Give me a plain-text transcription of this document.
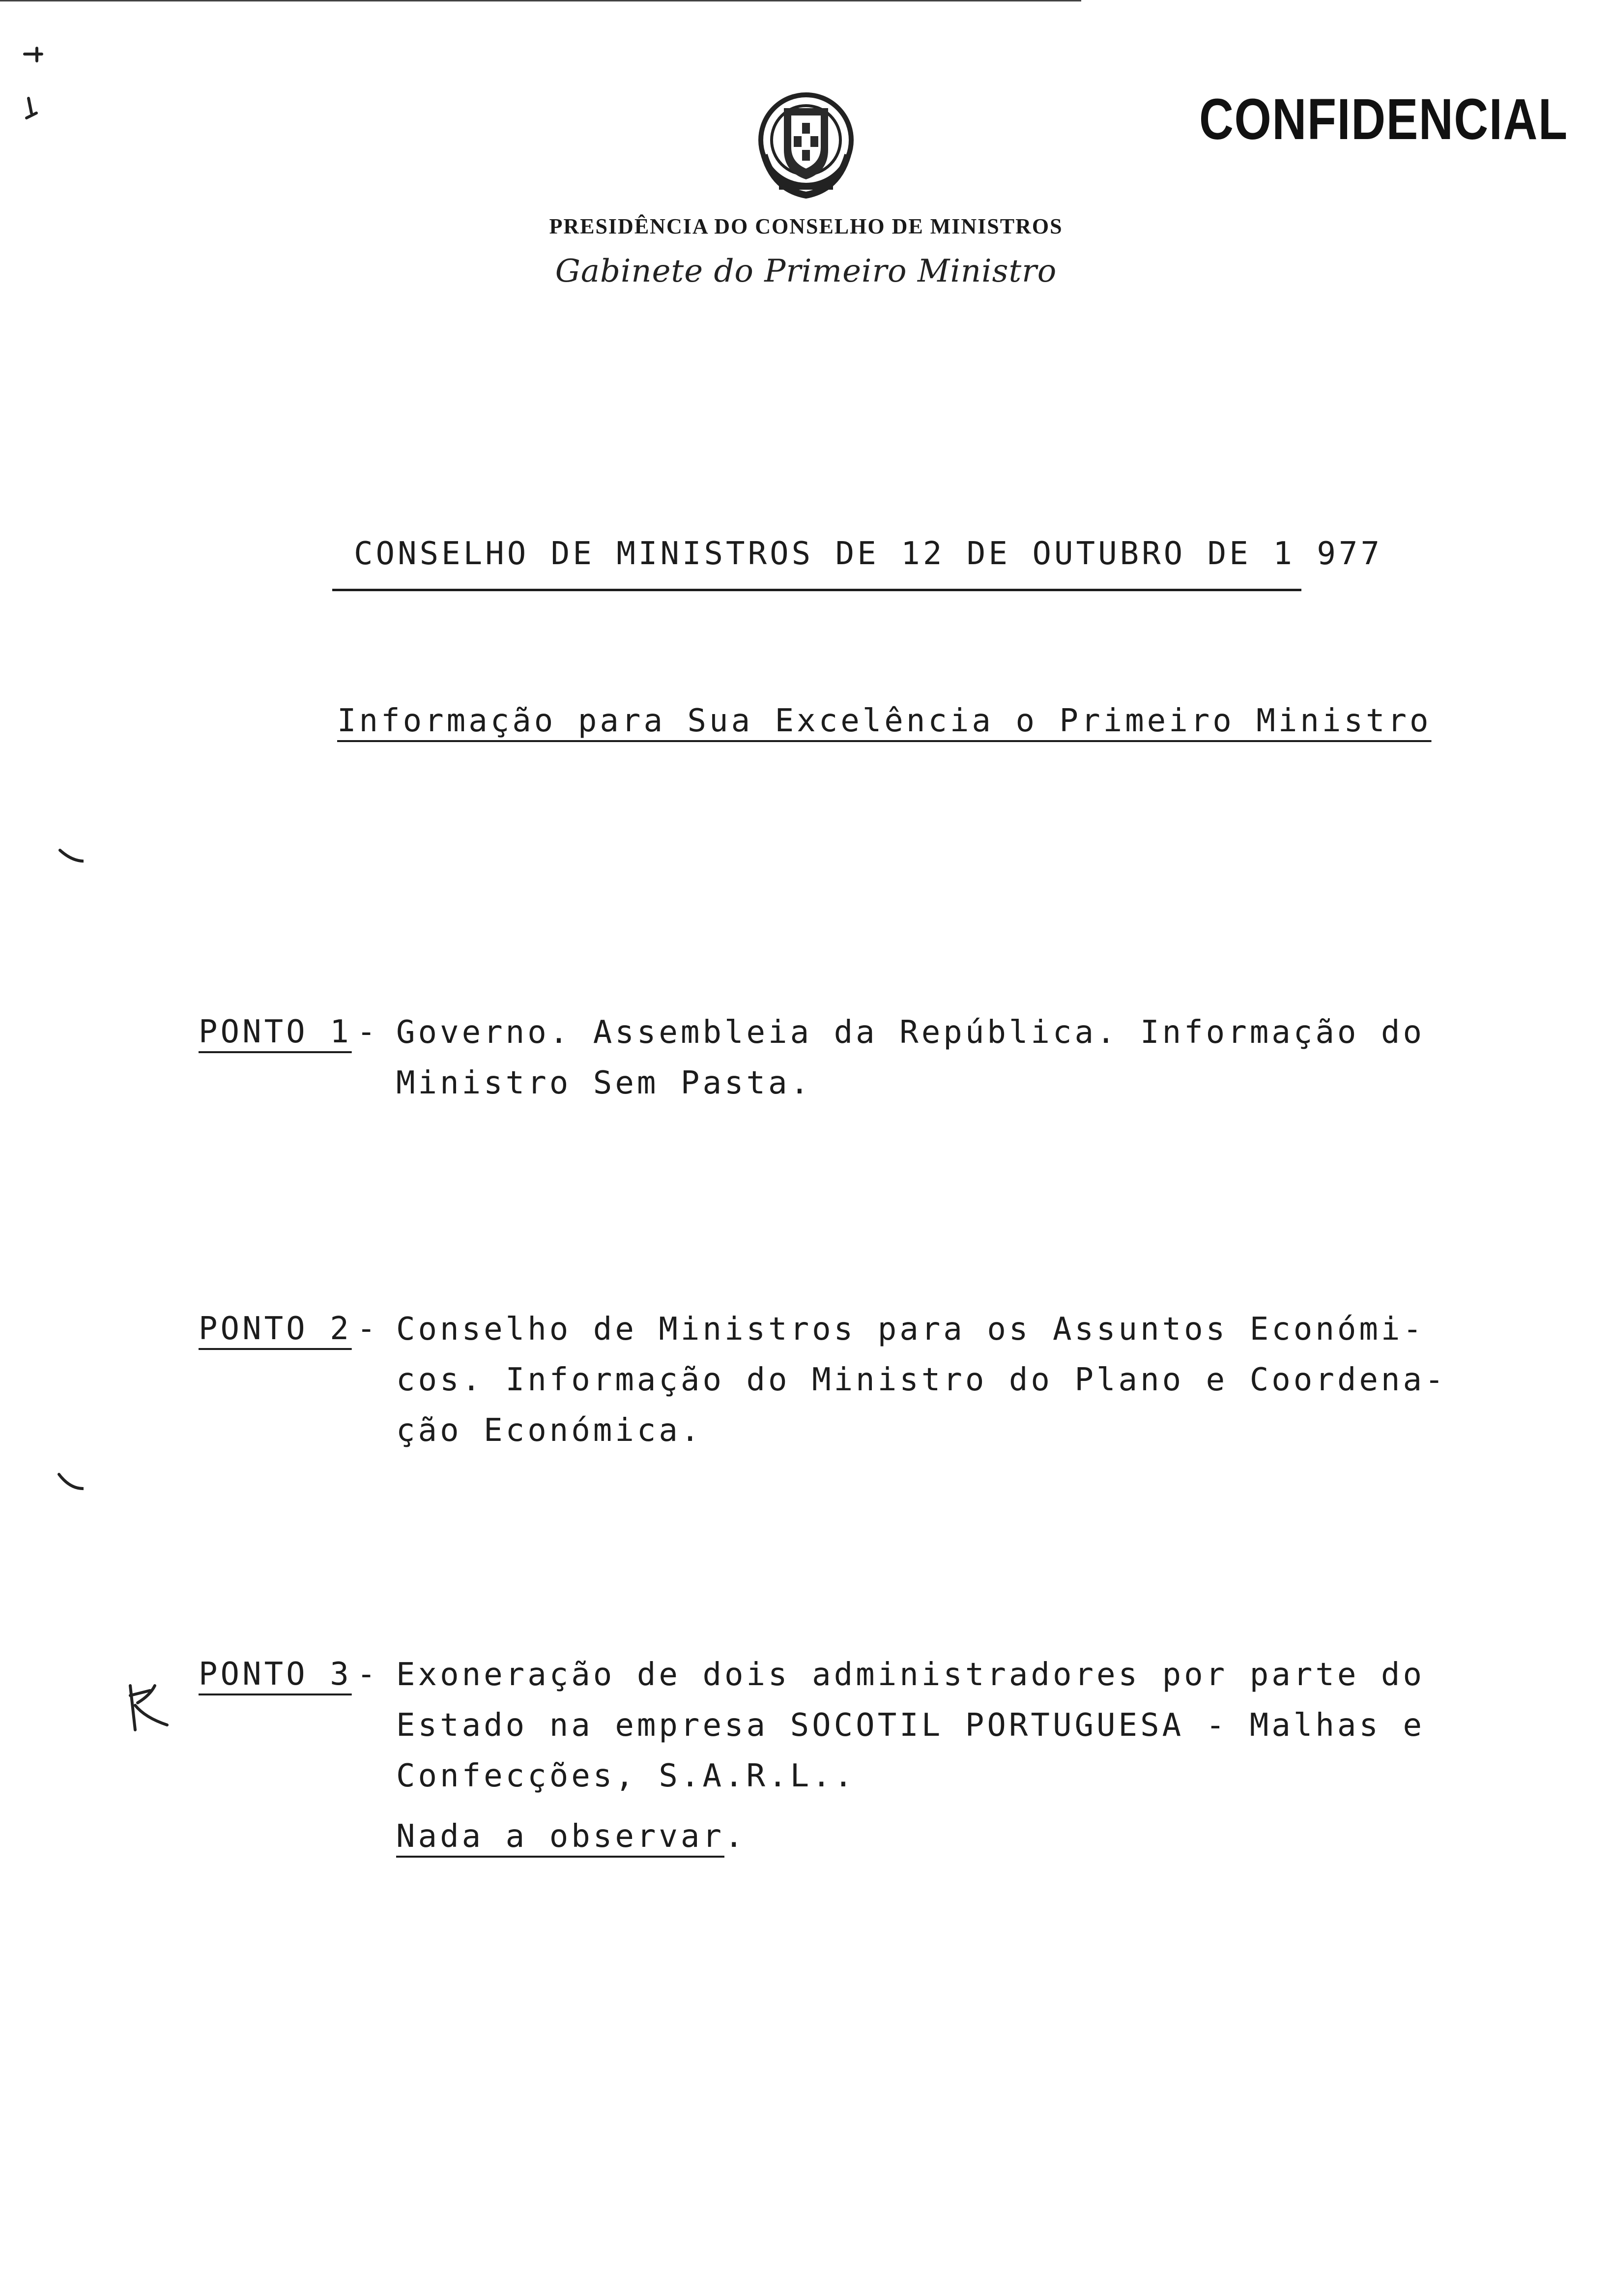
CONFIDENCIAL
PRESIDÊNCIA DO CONSELHO DE MINISTROS
Gabinete do Primeiro Ministro
CONSELHO DE MINISTROS DE 12 DE OUTUBRO DE 1 977
Informação para Sua Excelência o Primeiro Ministro
PONTO 1 - Governo. Assembleia da República. Informação do
Ministro Sem Pasta.
PONTO 2 - Conselho de Ministros para os Assuntos Económi-
cos. Informação do Ministro do Plano e Coordena-
ção Económica.
PONTO 3 - Exoneração de dois administradores por parte do
Estado na empresa SOCOTIL PORTUGUESA - Malhas e
Confecções, S.A.R.L..
Nada a observar.
